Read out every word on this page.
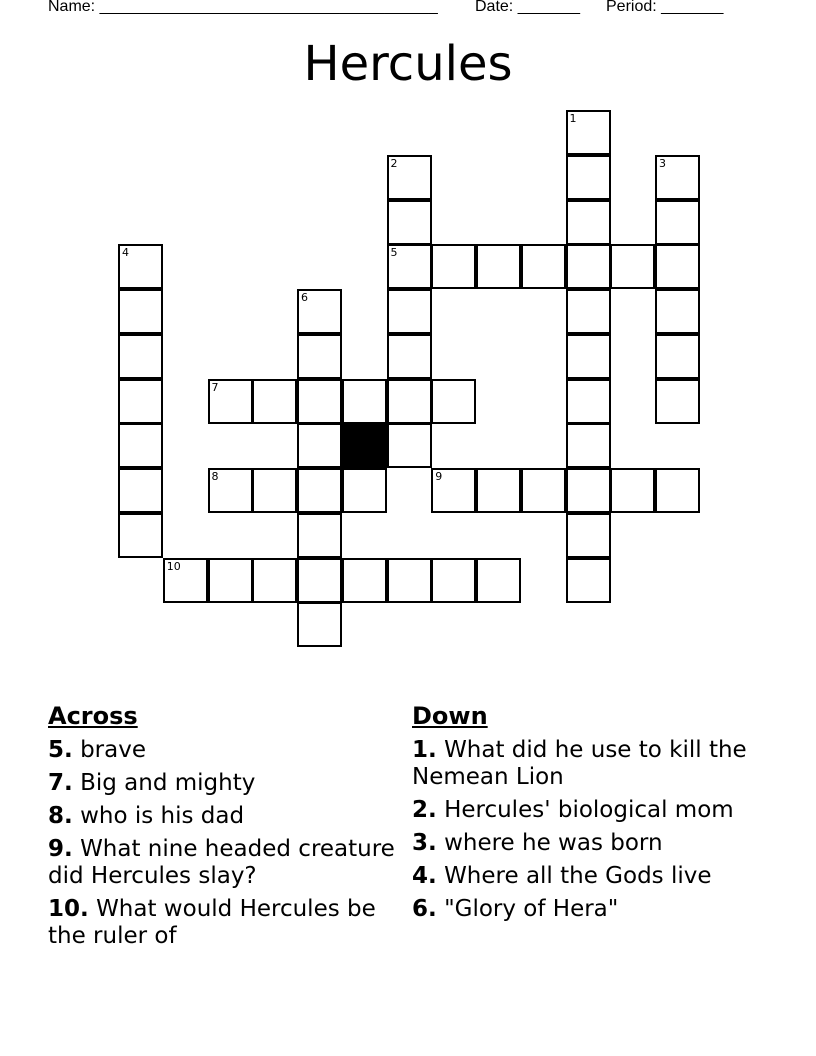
Name: ______________________________________ Date: _______ Period: _______
Hercules
5
7
8	9
10
1
2	3
4
6
Across
5. brave
7. Big and mighty
8. who is his dad
9. What nine headed creature did Hercules slay?
10. What would Hercules be the ruler of
Down
1. What did he use to kill the Nemean Lion
2. Hercules' biological mom
3. where he was born
4. Where all the Gods live
6. "Glory of Hera"
